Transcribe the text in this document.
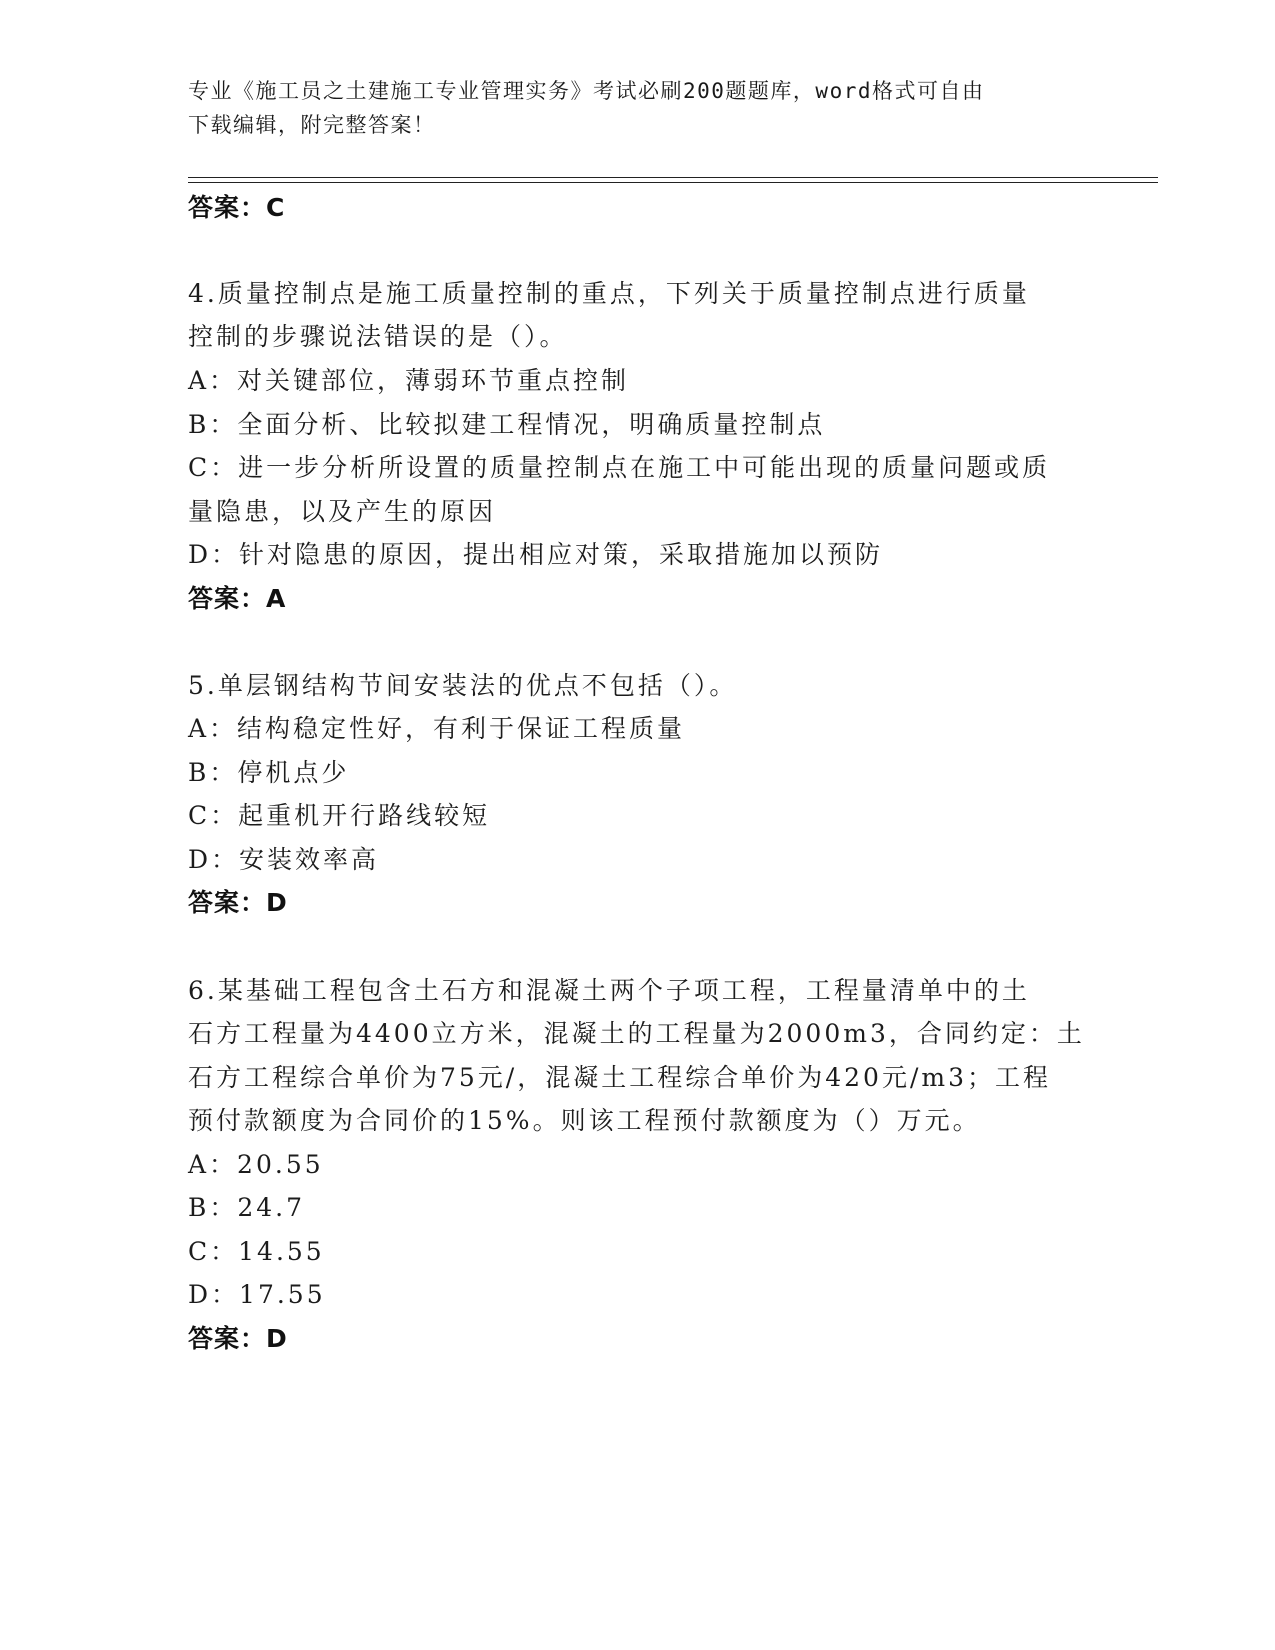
专业《施工员之土建施工专业管理实务》考试必刷200题题库，word格式可自由
下载编辑，附完整答案！
答案：C
4.质量控制点是施工质量控制的重点，下列关于质量控制点进行质量
控制的步骤说法错误的是（）。
A：对关键部位，薄弱环节重点控制
B：全面分析、比较拟建工程情况，明确质量控制点
C：进一步分析所设置的质量控制点在施工中可能出现的质量问题或质
量隐患，以及产生的原因
D：针对隐患的原因，提出相应对策，采取措施加以预防
答案：A
5.单层钢结构节间安装法的优点不包括（）。
A：结构稳定性好，有利于保证工程质量
B：停机点少
C：起重机开行路线较短
D：安装效率高
答案：D
6.某基础工程包含土石方和混凝土两个子项工程，工程量清单中的土
石方工程量为4400立方米，混凝土的工程量为2000m3，合同约定：土
石方工程综合单价为75元/，混凝土工程综合单价为420元/m3；工程
预付款额度为合同价的15%。则该工程预付款额度为（）万元。
A：20.55
B：24.7
C：14.55
D：17.55
答案：D
